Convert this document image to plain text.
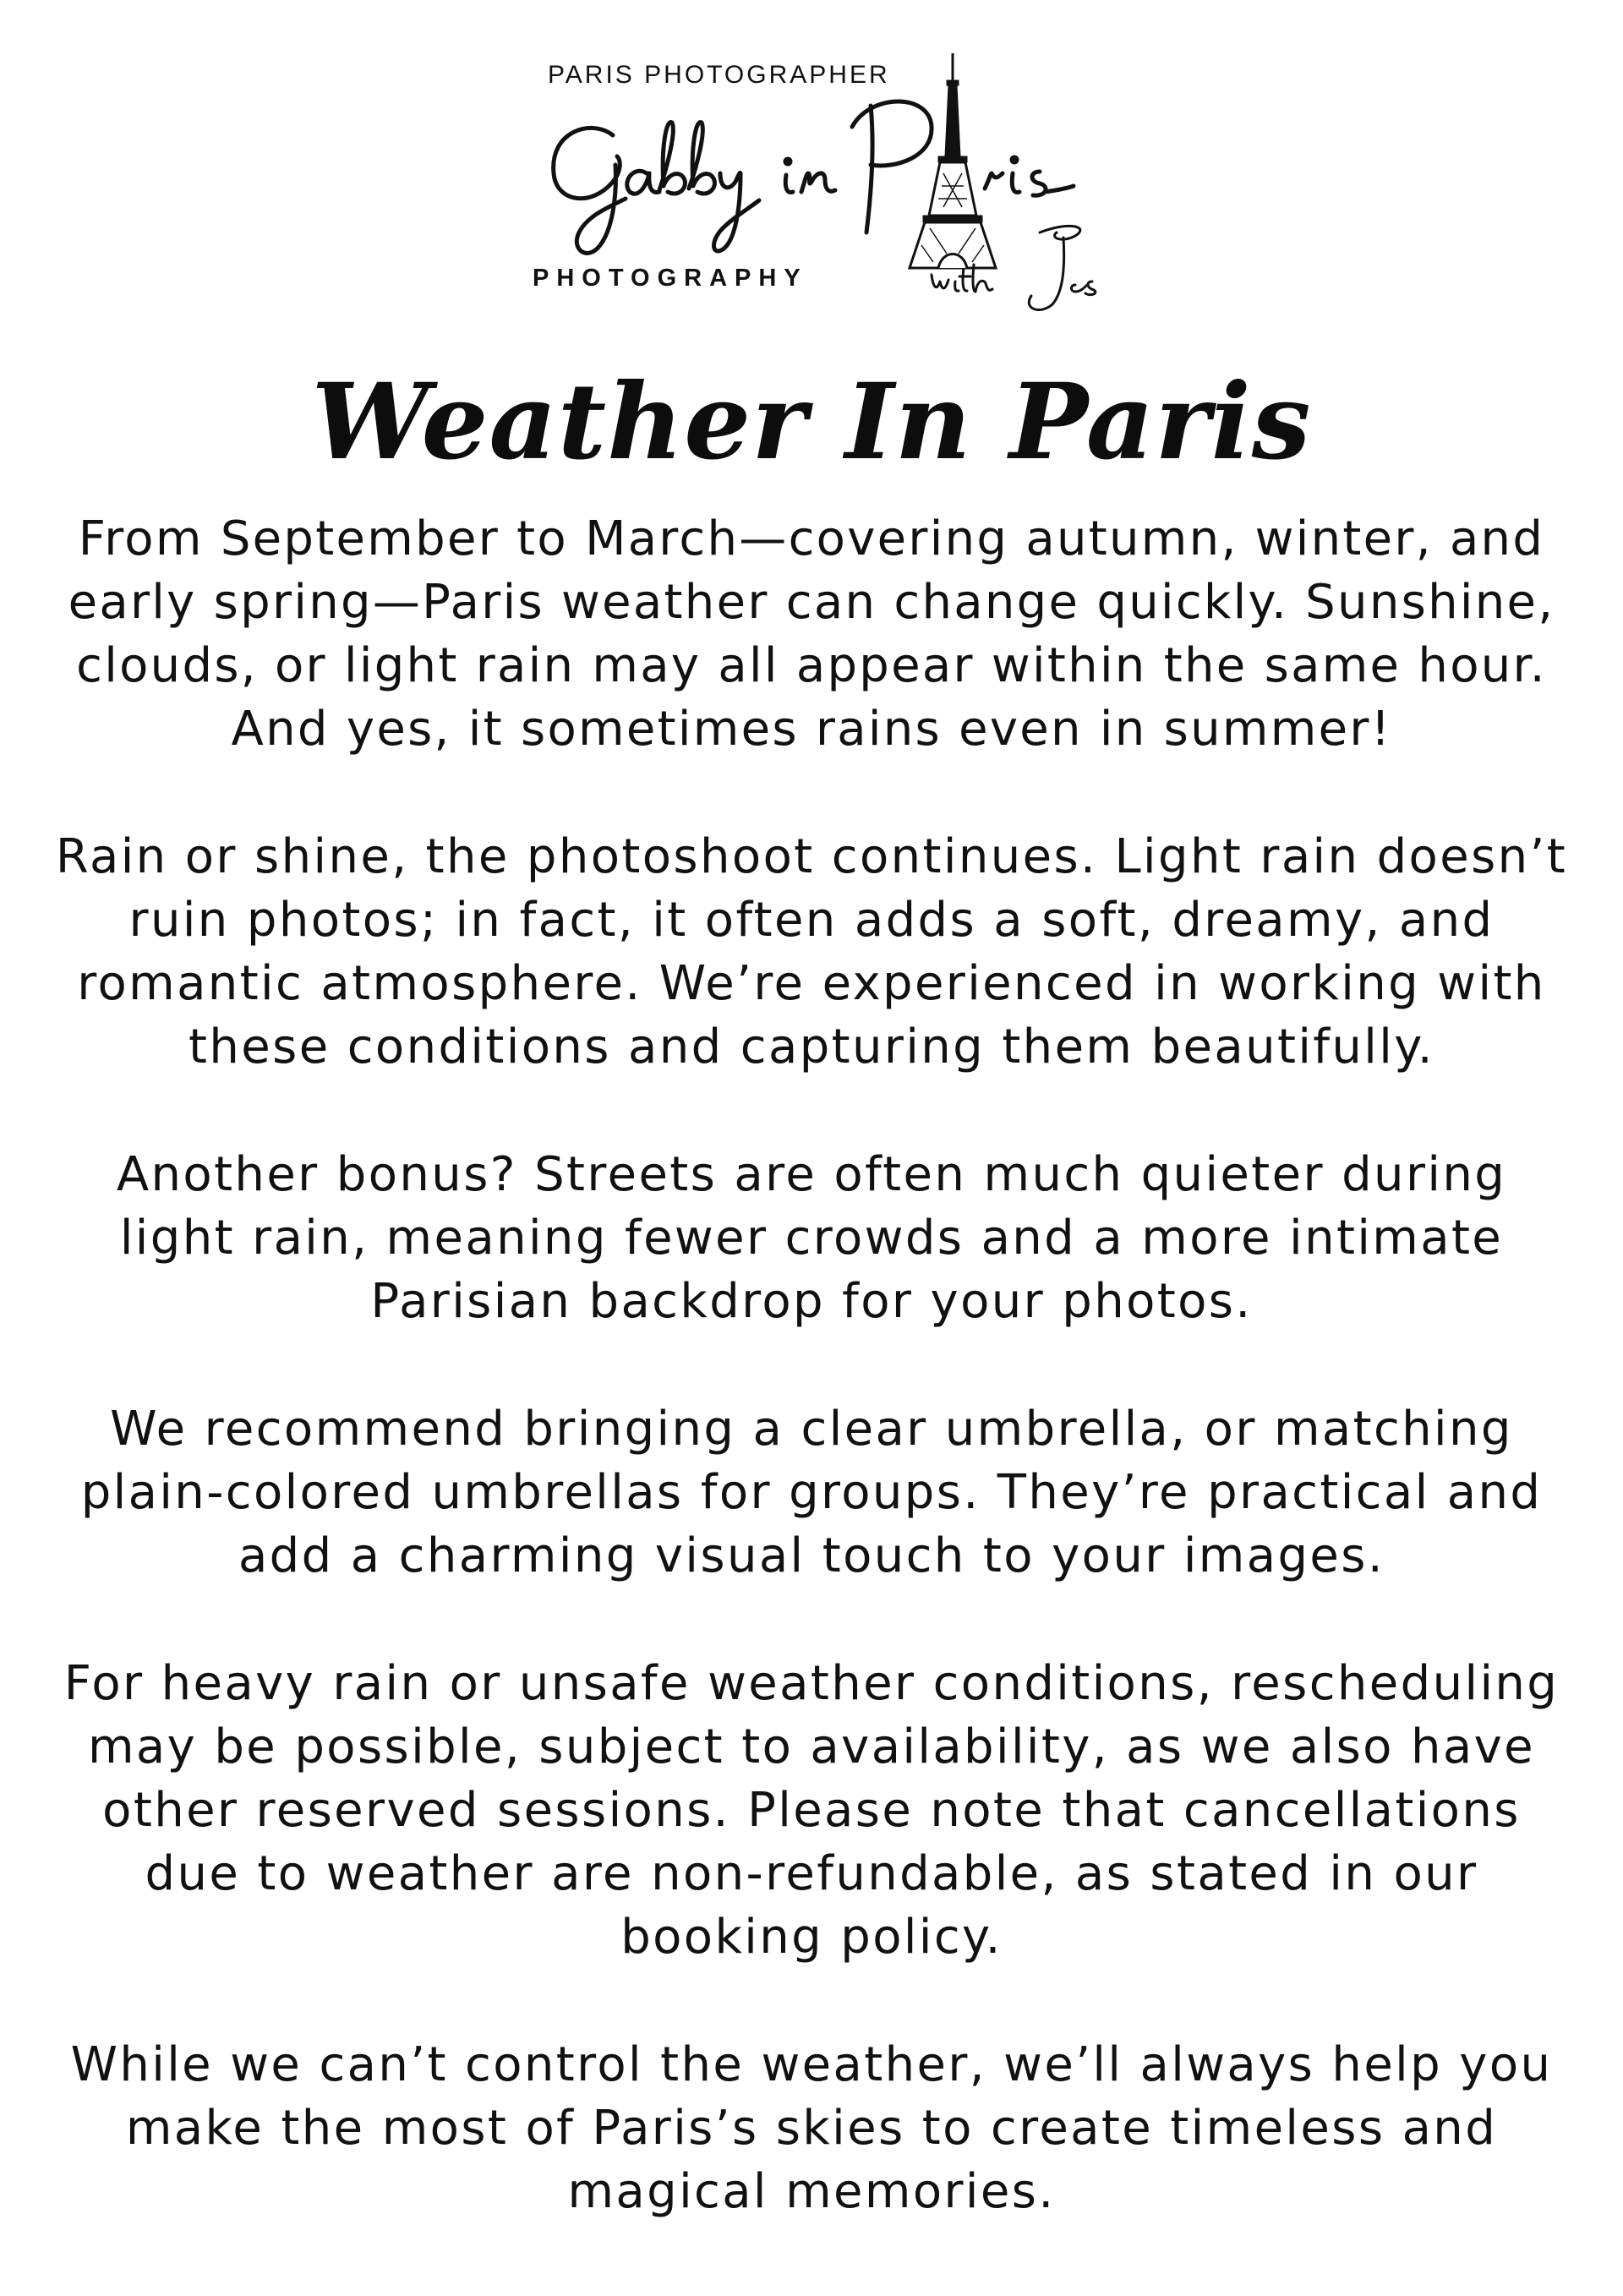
PARIS PHOTOGRAPHER
PHOTOGRAPHY
Weather In Paris

From September to March—covering autumn, winter, and early spring—Paris weather can change quickly. Sunshine, clouds, or light rain may all appear within the same hour. And yes, it sometimes rains even in summer!

Rain or shine, the photoshoot continues. Light rain doesn’t ruin photos; in fact, it often adds a soft, dreamy, and romantic atmosphere. We’re experienced in working with these conditions and capturing them beautifully.

Another bonus? Streets are often much quieter during light rain, meaning fewer crowds and a more intimate Parisian backdrop for your photos.

We recommend bringing a clear umbrella, or matching plain-colored umbrellas for groups. They’re practical and add a charming visual touch to your images.

For heavy rain or unsafe weather conditions, rescheduling may be possible, subject to availability, as we also have other reserved sessions. Please note that cancellations due to weather are non-refundable, as stated in our booking policy.

While we can’t control the weather, we’ll always help you make the most of Paris’s skies to create timeless and magical memories.
